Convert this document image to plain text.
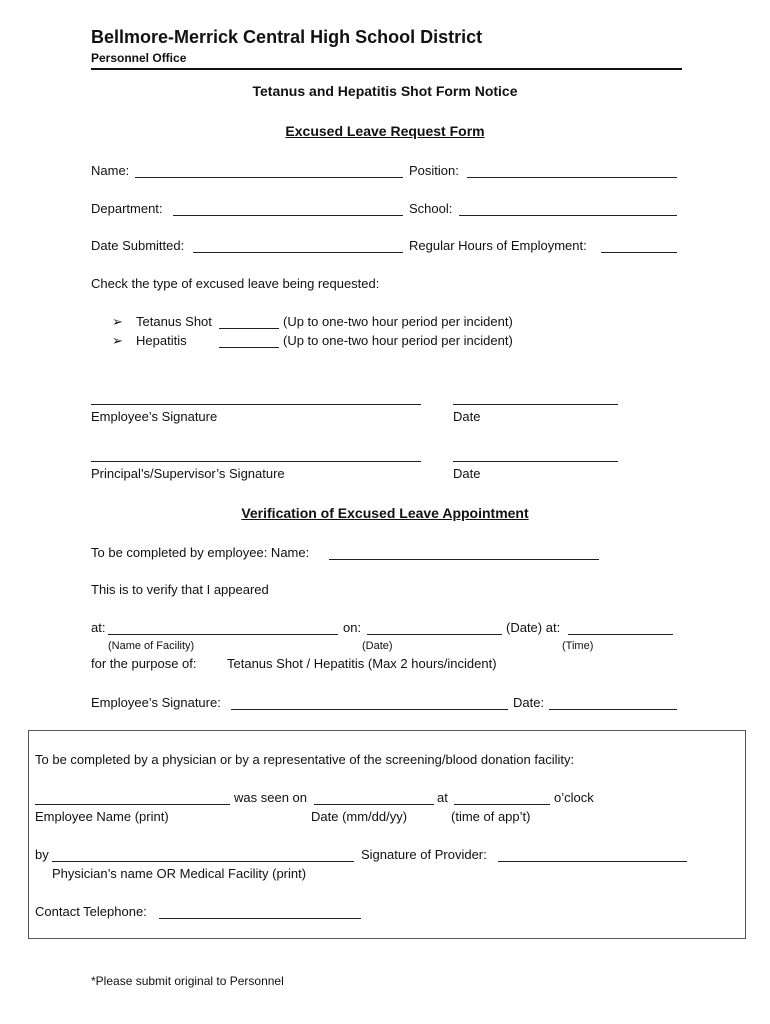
Bellmore-Merrick Central High School District
Personnel Office
Tetanus and Hepatitis Shot Form Notice
Excused Leave Request Form
Name:	Position:
Department:	School:
Date Submitted:	Regular Hours of Employment:
Check the type of excused leave being requested:
➢ Tetanus Shot	(Up to one-two hour period per incident)
➢ Hepatitis	(Up to one-two hour period per incident)
Employee’s Signature	Date
Principal’s/Supervisor’s Signature	Date
Verification of Excused Leave Appointment
To be completed by employee: Name:
This is to verify that I appeared
at:	on:	(Date) at:
(Name of Facility)	(Date)	(Time)
for the purpose of: Tetanus Shot / Hepatitis (Max 2 hours/incident)
Employee’s Signature:	Date:
To be completed by a physician or by a representative of the screening/blood donation facility:
was seen on	at	o’clock
Employee Name (print)	Date (mm/dd/yy)	(time of app’t)
by	Signature of Provider:
Physician’s name OR Medical Facility (print)
Contact Telephone:
*Please submit original to Personnel
